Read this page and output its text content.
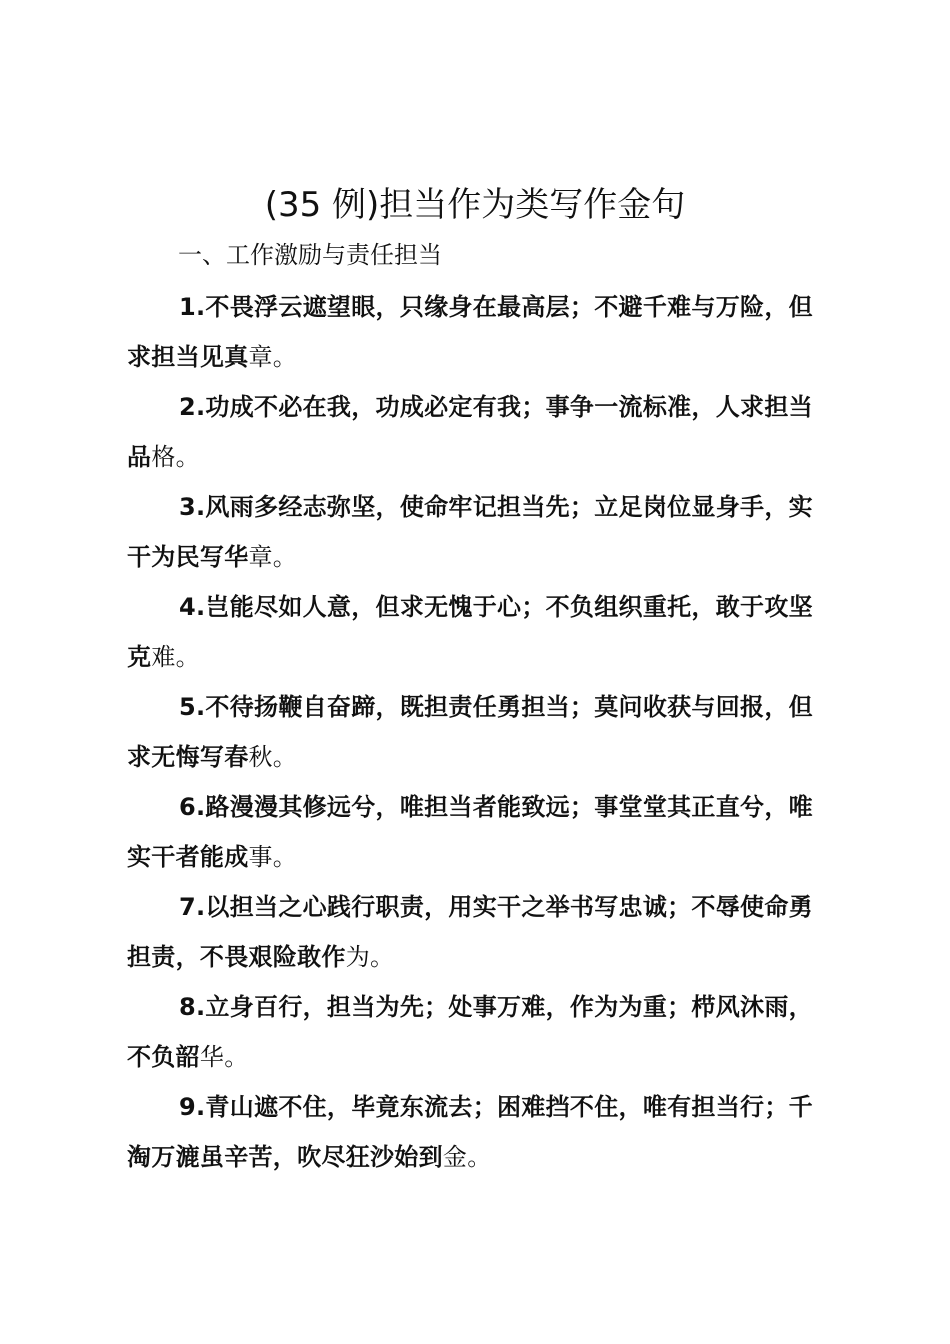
(35 例)担当作为类写作金句
一、工作激励与责任担当

1.不畏浮云遮望眼，只缘身在最高层；不避千难与万险，但求担当见真章。

2.功成不必在我，功成必定有我；事争一流标准，人求担当品格。

3.风雨多经志弥坚，使命牢记担当先；立足岗位显身手，实干为民写华章。

4.岂能尽如人意，但求无愧于心；不负组织重托，敢于攻坚克难。

5.不待扬鞭自奋蹄，既担责任勇担当；莫问收获与回报，但求无悔写春秋。

6.路漫漫其修远兮，唯担当者能致远；事堂堂其正直兮，唯实干者能成事。

7.以担当之心践行职责，用实干之举书写忠诚；不辱使命勇担责，不畏艰险敢作为。

8.立身百行，担当为先；处事万难，作为为重；栉风沐雨，不负韶华。

9.青山遮不住，毕竟东流去；困难挡不住，唯有担当行；千淘万漉虽辛苦，吹尽狂沙始到金。
